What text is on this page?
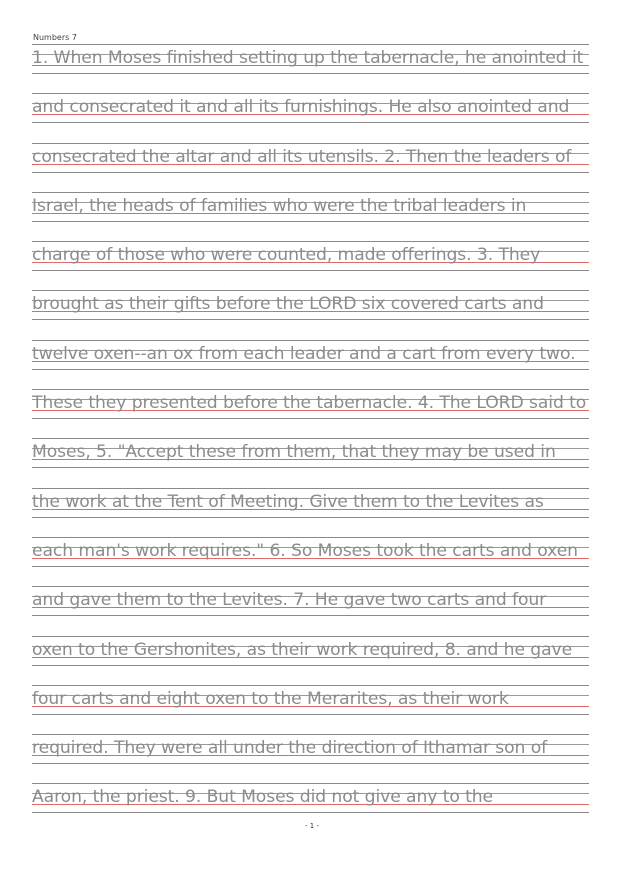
Numbers 7
1. When Moses finished setting up the tabernacle, he anointed it
and consecrated it and all its furnishings. He also anointed and
consecrated the altar and all its utensils. 2. Then the leaders of
Israel, the heads of families who were the tribal leaders in
charge of those who were counted, made offerings. 3. They
brought as their gifts before the LORD six covered carts and
twelve oxen--an ox from each leader and a cart from every two.
These they presented before the tabernacle. 4. The LORD said to
Moses, 5. "Accept these from them, that they may be used in
the work at the Tent of Meeting. Give them to the Levites as
each man's work requires." 6. So Moses took the carts and oxen
and gave them to the Levites. 7. He gave two carts and four
oxen to the Gershonites, as their work required, 8. and he gave
four carts and eight oxen to the Merarites, as their work
required. They were all under the direction of Ithamar son of
Aaron, the priest. 9. But Moses did not give any to the
- 1 -
